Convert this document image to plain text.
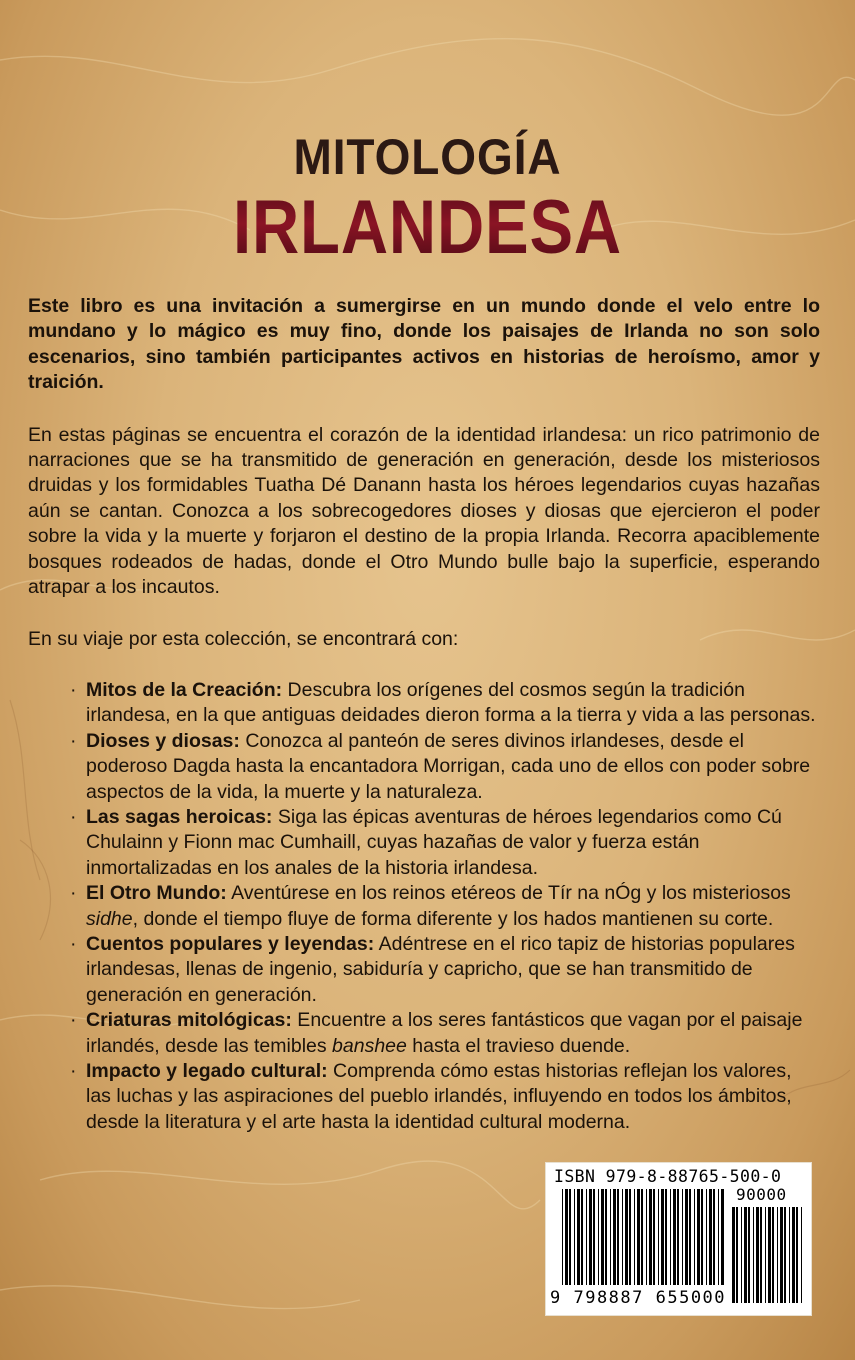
MITOLOGÍA
IRLANDESA

Este libro es una invitación a sumergirse en un mundo donde el velo entre lo mundano y lo mágico es muy fino, donde los paisajes de Irlanda no son solo escenarios, sino también participantes activos en historias de heroísmo, amor y traición.

En estas páginas se encuentra el corazón de la identidad irlandesa: un rico patrimonio de narraciones que se ha transmitido de generación en generación, desde los misteriosos druidas y los formidables Tuatha Dé Danann hasta los héroes legendarios cuyas hazañas aún se cantan. Conozca a los sobrecogedores dioses y diosas que ejercieron el poder sobre la vida y la muerte y forjaron el destino de la propia Irlanda. Recorra apaciblemente bosques rodeados de hadas, donde el Otro Mundo bulle bajo la superficie, esperando atrapar a los incautos.

En su viaje por esta colección, se encontrará con:

· Mitos de la Creación: Descubra los orígenes del cosmos según la tradición irlandesa, en la que antiguas deidades dieron forma a la tierra y vida a las personas.
· Dioses y diosas: Conozca al panteón de seres divinos irlandeses, desde el poderoso Dagda hasta la encantadora Morrigan, cada uno de ellos con poder sobre aspectos de la vida, la muerte y la naturaleza.
· Las sagas heroicas: Siga las épicas aventuras de héroes legendarios como Cú Chulainn y Fionn mac Cumhaill, cuyas hazañas de valor y fuerza están inmortalizadas en los anales de la historia irlandesa.
· El Otro Mundo: Aventúrese en los reinos etéreos de Tír na nÓg y los misteriosos sidhe, donde el tiempo fluye de forma diferente y los hados mantienen su corte.
· Cuentos populares y leyendas: Adéntrese en el rico tapiz de historias populares irlandesas, llenas de ingenio, sabiduría y capricho, que se han transmitido de generación en generación.
· Criaturas mitológicas: Encuentre a los seres fantásticos que vagan por el paisaje irlandés, desde las temibles banshee hasta el travieso duende.
· Impacto y legado cultural: Comprenda cómo estas historias reflejan los valores, las luchas y las aspiraciones del pueblo irlandés, influyendo en todos los ámbitos, desde la literatura y el arte hasta la identidad cultural moderna.
ISBN 979-8-88765-500-0
90000
9 798887 655000
